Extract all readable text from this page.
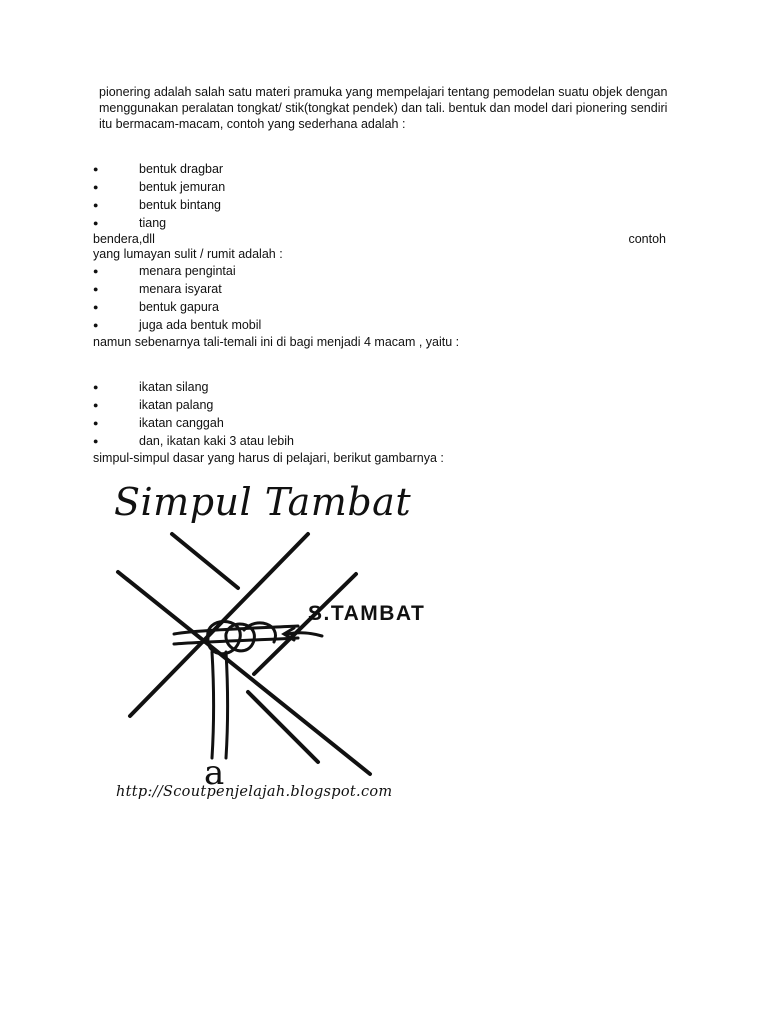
pionering adalah salah satu materi pramuka yang mempelajari tentang pemodelan suatu objek dengan menggunakan peralatan tongkat/ stik(tongkat pendek) dan tali. bentuk dan model dari pionering sendiri itu bermacam-macam, contoh yang sederhana adalah :

●	bentuk dragbar
●	bentuk jemuran
●	bentuk bintang
●	tiang
bendera,dll	contoh

yang lumayan sulit / rumit adalah :

●	menara pengintai
●	menara isyarat
●	bentuk gapura
●	juga ada bentuk mobil

namun sebenarnya tali-temali ini di bagi menjadi 4 macam , yaitu :

●	ikatan silang
●	ikatan palang
●	ikatan canggah
●	dan, ikatan kaki 3 atau lebih

simpul-simpul dasar yang harus di pelajari, berikut gambarnya :

Simpul Tambat
S.TAMBAT
a
http://Scoutpenjelajah.blogspot.com
